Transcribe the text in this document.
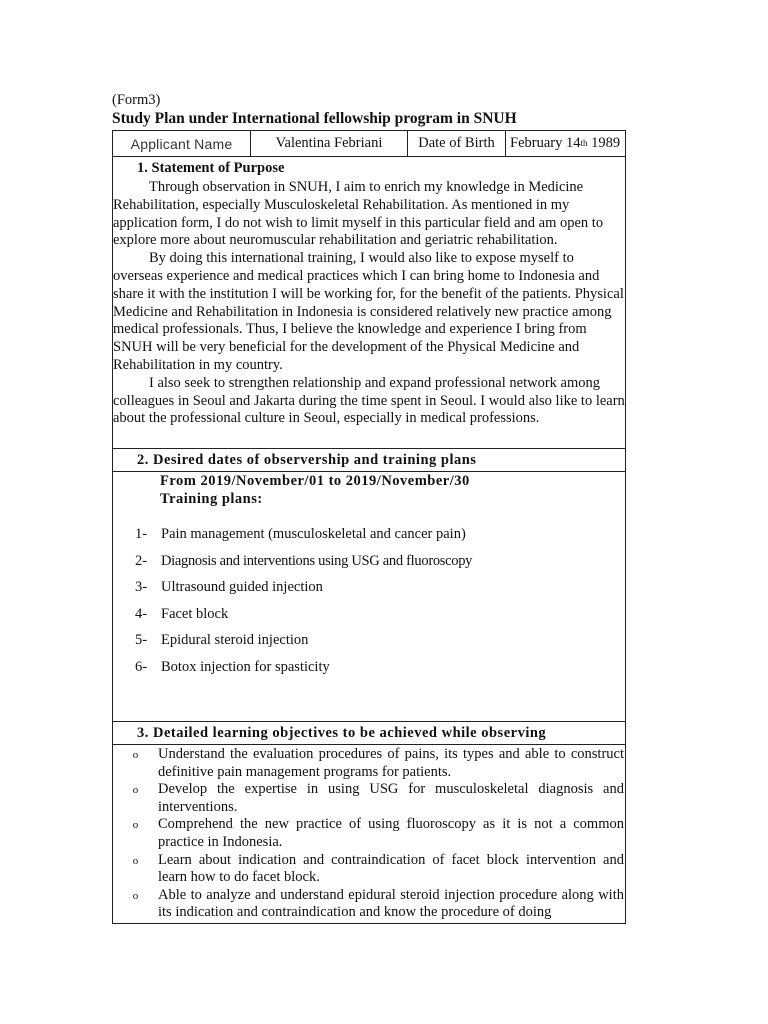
(Form3)
Study Plan under International fellowship program in SNUH
Applicant Name	Valentina Febriani	Date of Birth	February 14th 1989
1. Statement of Purpose

Through observation in SNUH, I aim to enrich my knowledge in Medicine Rehabilitation, especially Musculoskeletal Rehabilitation. As mentioned in my application form, I do not wish to limit myself in this particular field and am open to explore more about neuromuscular rehabilitation and geriatric rehabilitation.

By doing this international training, I would also like to expose myself to overseas experience and medical practices which I can bring home to Indonesia and share it with the institution I will be working for, for the benefit of the patients. Physical Medicine and Rehabilitation in Indonesia is considered relatively new practice among medical professionals. Thus, I believe the knowledge and experience I bring from SNUH will be very beneficial for the development of the Physical Medicine and Rehabilitation in my country.

I also seek to strengthen relationship and expand professional network among colleagues in Seoul and Jakarta during the time spent in Seoul. I would also like to learn about the professional culture in Seoul, especially in medical professions.

2. Desired dates of observership and training plans
From 2019/November/01 to 2019/November/30
Training plans:
1- Pain management (musculoskeletal and cancer pain)
2- Diagnosis and interventions using USG and fluoroscopy
3- Ultrasound guided injection
4- Facet block
5- Epidural steroid injection
6- Botox injection for spasticity
3. Detailed learning objectives to be achieved while observing
o	Understand the evaluation procedures of pains, its types and able to construct definitive pain management programs for patients.
o	Develop the expertise in using USG for musculoskeletal diagnosis and interventions.
o	Comprehend the new practice of using fluoroscopy as it is not a common practice in Indonesia.
o	Learn about indication and contraindication of facet block intervention and learn how to do facet block.
o	Able to analyze and understand epidural steroid injection procedure along with its indication and contraindication and know the procedure of doing
